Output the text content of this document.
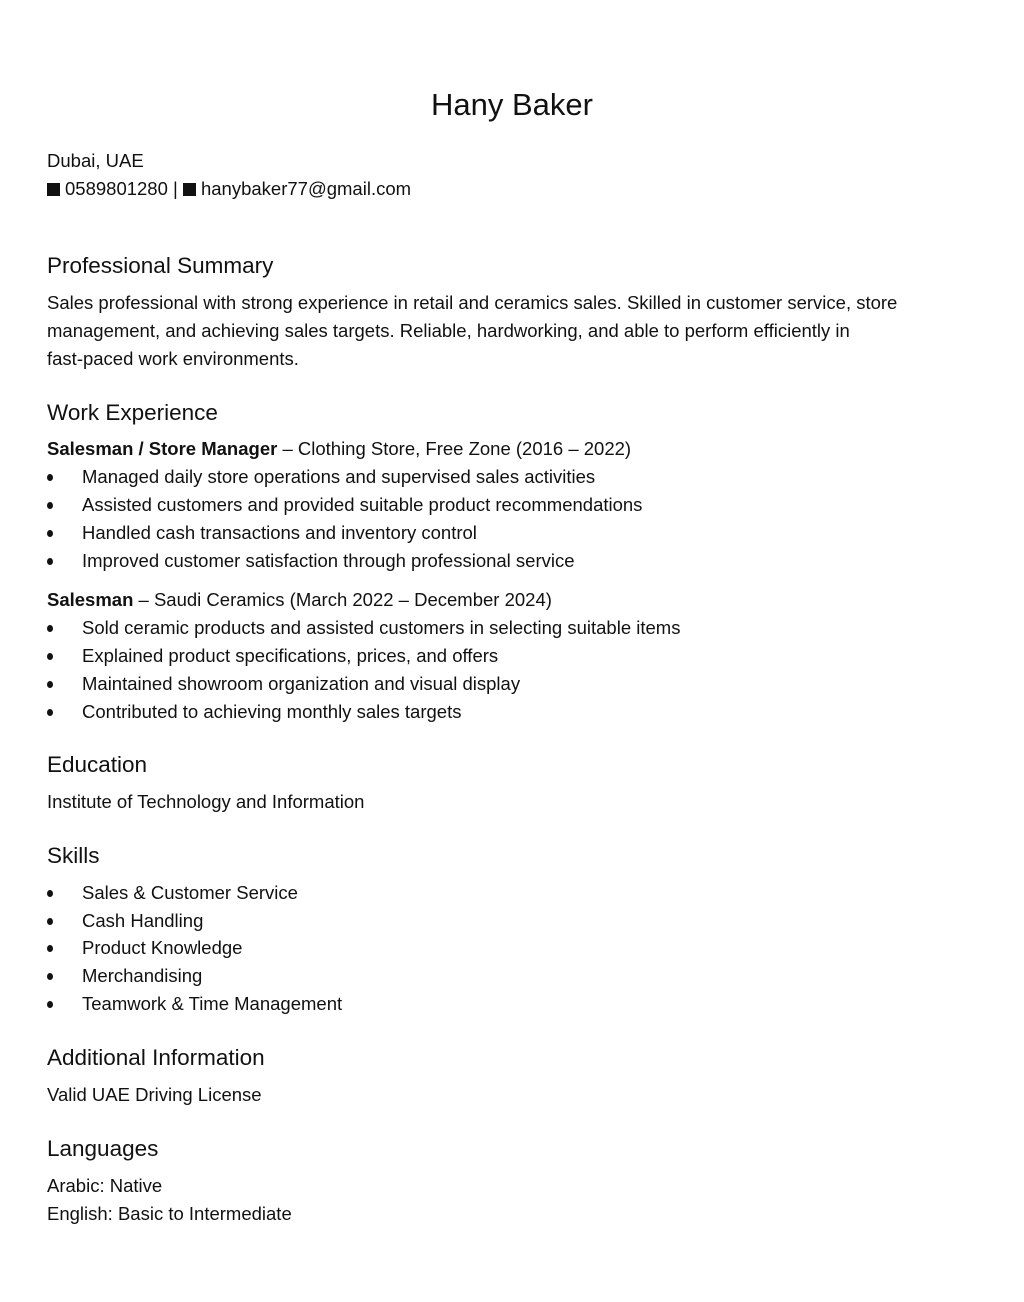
Hany Baker
Dubai, UAE
0589801280 | hanybaker77@gmail.com
Professional Summary
Sales professional with strong experience in retail and ceramics sales. Skilled in customer service, store
management, and achieving sales targets. Reliable, hardworking, and able to perform efficiently in
fast-paced work environments.
Work Experience
Salesman / Store Manager – Clothing Store, Free Zone (2016 – 2022)
Managed daily store operations and supervised sales activities
Assisted customers and provided suitable product recommendations
Handled cash transactions and inventory control
Improved customer satisfaction through professional service
Salesman – Saudi Ceramics (March 2022 – December 2024)
Sold ceramic products and assisted customers in selecting suitable items
Explained product specifications, prices, and offers
Maintained showroom organization and visual display
Contributed to achieving monthly sales targets
Education
Institute of Technology and Information
Skills
Sales & Customer Service
Cash Handling
Product Knowledge
Merchandising
Teamwork & Time Management
Additional Information
Valid UAE Driving License
Languages
Arabic: Native
English: Basic to Intermediate
